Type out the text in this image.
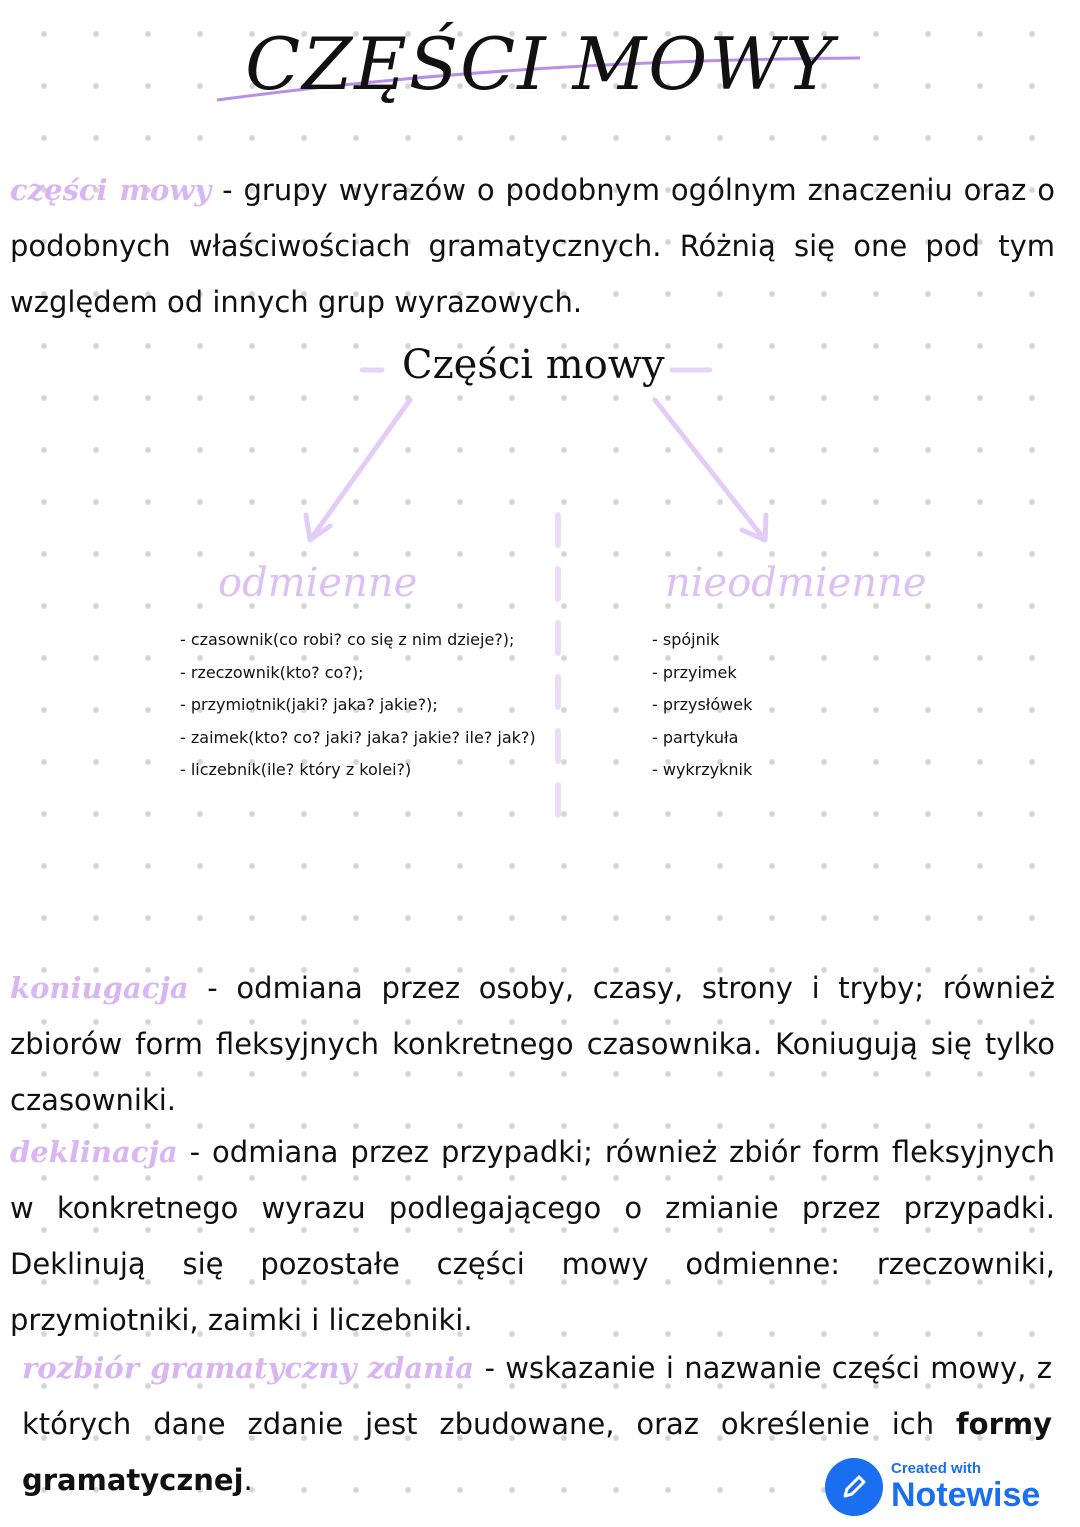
CZĘŚCI MOWY
części mowy - grupy wyrazów o podobnym ogólnym znaczeniu oraz o podobnych właściwościach gramatycznych. Różnią się one pod tym względem od innych grup wyrazowych.
Części mowy
odmienne	nieodmienne
- czasownik(co robi? co się z nim dzieje?);
- rzeczownik(kto? co?);
- przymiotnik(jaki? jaka? jakie?);
- zaimek(kto? co? jaki? jaka? jakie? ile? jak?)
- liczebnik(ile? który z kolei?)
- spójnik
- przyimek
- przysłówek
- partykuła
- wykrzyknik
koniugacja - odmiana przez osoby, czasy, strony i tryby; również zbiorów form fleksyjnych konkretnego czasownika. Koniugują się tylko czasowniki.
deklinacja - odmiana przez przypadki; również zbiór form fleksyjnych w konkretnego wyrazu podlegającego o zmianie przez przypadki. Deklinują się pozostałe części mowy odmienne: rzeczowniki, przymiotniki, zaimki i liczebniki.
rozbiór gramatyczny zdania - wskazanie i nazwanie części mowy, z których dane zdanie jest zbudowane, oraz określenie ich formy gramatycznej.	Created with
Notewise
